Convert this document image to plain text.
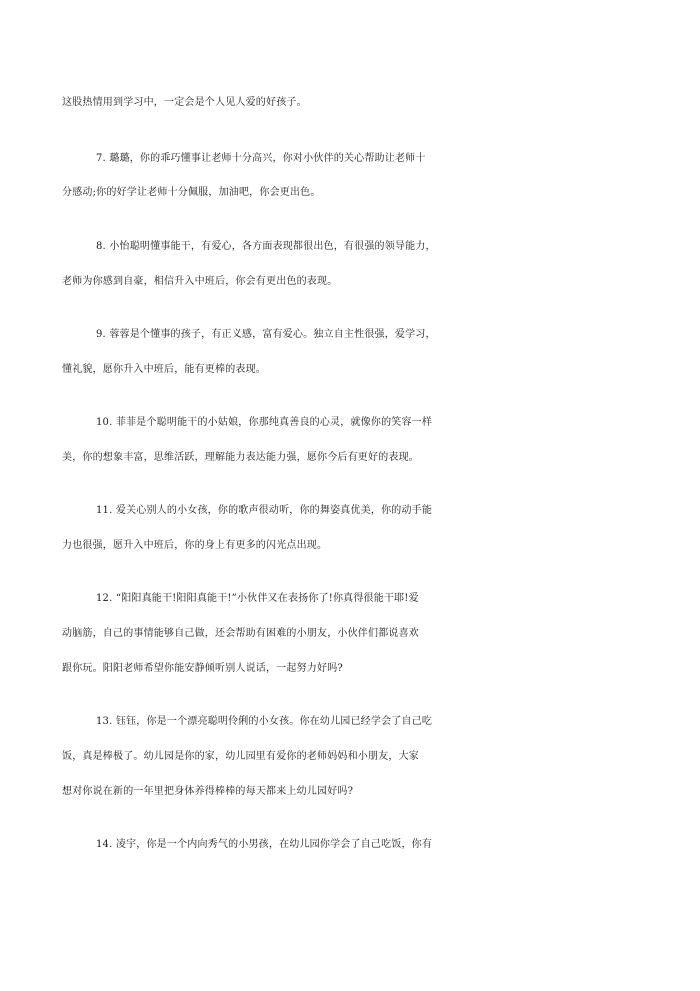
这股热情用到学习中，一定会是个人见人爱的好孩子。
7. 璐璐，你的乖巧懂事让老师十分高兴，你对小伙伴的关心帮助让老师十
分感动;你的好学让老师十分佩服，加油吧，你会更出色。
8. 小怡聪明懂事能干，有爱心，各方面表现都很出色，有很强的领导能力，
老师为你感到自豪，相信升入中班后，你会有更出色的表现。
9. 蓉蓉是个懂事的孩子，有正义感，富有爱心。独立自主性很强，爱学习，
懂礼貌，愿你升入中班后，能有更棒的表现。
10. 菲菲是个聪明能干的小姑娘，你那纯真善良的心灵，就像你的笑容一样
美，你的想象丰富，思维活跃，理解能力表达能力强，愿你今后有更好的表现。
11. 爱关心别人的小女孩，你的歌声很动听，你的舞姿真优美，你的动手能
力也很强，愿升入中班后，你的身上有更多的闪光点出现。
12. “阳阳真能干!阳阳真能干!”小伙伴又在表扬你了!你真得很能干耶!爱
动脑筋，自己的事情能够自己做，还会帮助有困难的小朋友，小伙伴们都说喜欢
跟你玩。阳阳老师希望你能安静倾听别人说话，一起努力好吗?
13. 钰钰，你是一个漂亮聪明伶俐的小女孩。你在幼儿园已经学会了自己吃
饭，真是棒极了。幼儿园是你的家，幼儿园里有爱你的老师妈妈和小朋友，大家
想对你说在新的一年里把身体养得棒棒的每天都来上幼儿园好吗?
14. 凌宇，你是一个内向秀气的小男孩，在幼儿园你学会了自己吃饭，你有
